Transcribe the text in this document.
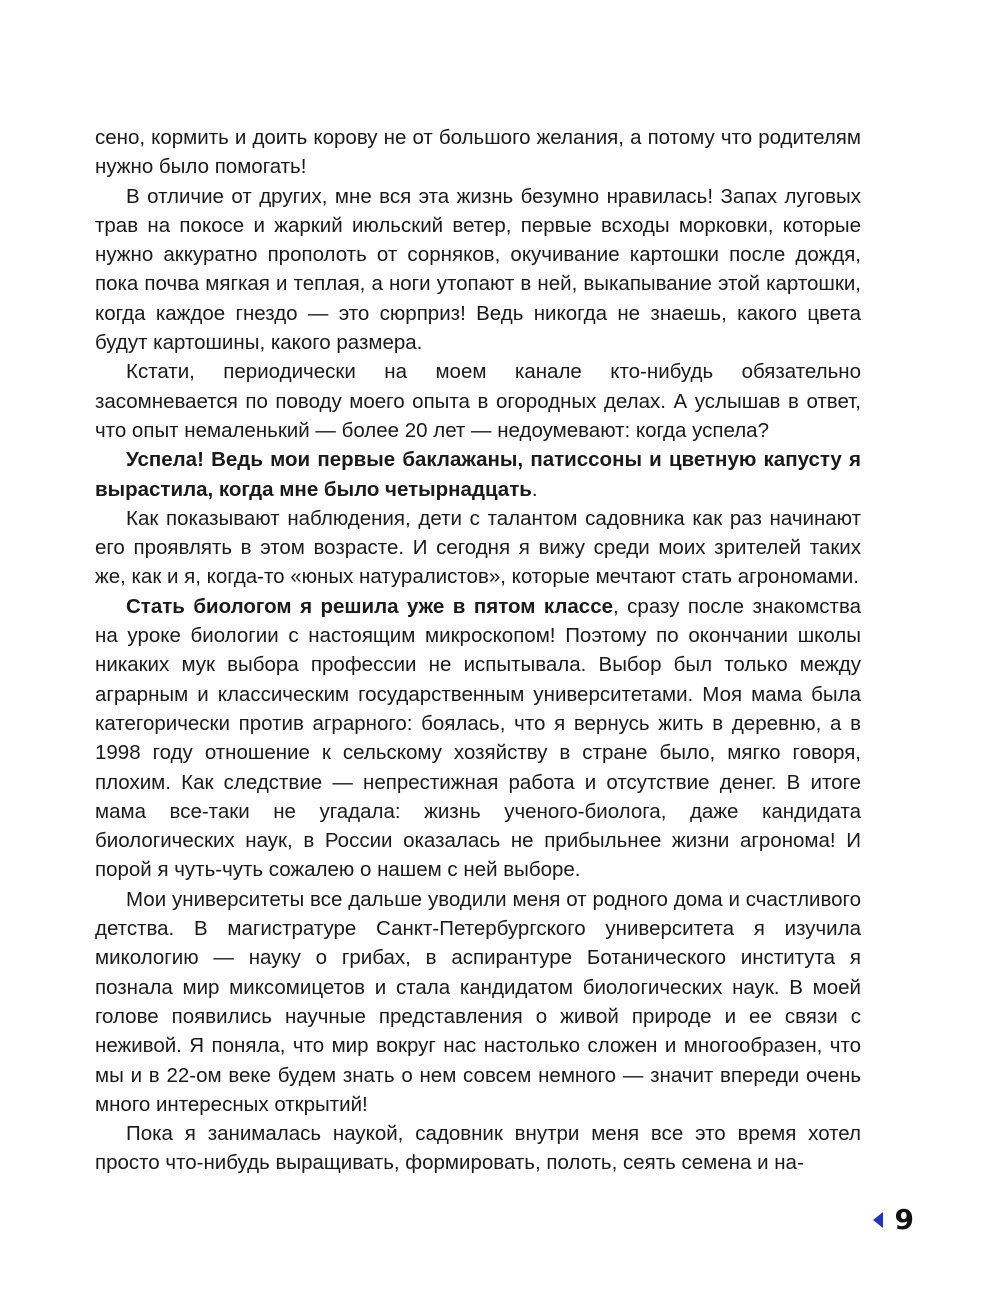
сено, кормить и доить корову не от большого желания, а потому что родителям нужно было помогать!

В отличие от других, мне вся эта жизнь безумно нравилась! Запах луговых трав на покосе и жаркий июльский ветер, первые всходы морковки, которые нужно аккуратно прополоть от сорняков, окучивание картошки после дождя, пока почва мягкая и теплая, а ноги утопают в ней, выкапывание этой картошки, когда каждое гнездо — это сюрприз! Ведь никогда не знаешь, какого цвета будут картошины, какого размера.

Кстати, периодически на моем канале кто-нибудь обязательно засомневается по поводу моего опыта в огородных делах. А услышав в ответ, что опыт немаленький — более 20 лет — недоумевают: когда успела?

Успела! Ведь мои первые баклажаны, патиссоны и цветную капусту я вырастила, когда мне было четырнадцать.

Как показывают наблюдения, дети с талантом садовника как раз начинают его проявлять в этом возрасте. И сегодня я вижу среди моих зрителей таких же, как и я, когда-то «юных натуралистов», которые мечтают стать агрономами.

Стать биологом я решила уже в пятом классе, сразу после знакомства на уроке биологии с настоящим микроскопом! Поэтому по окончании школы никаких мук выбора профессии не испытывала. Выбор был только между аграрным и классическим государственным университетами. Моя мама была категорически против аграрного: боялась, что я вернусь жить в деревню, а в 1998 году отношение к сельскому хозяйству в стране было, мягко говоря, плохим. Как следствие — непрестижная работа и отсутствие денег. В итоге мама все-таки не угадала: жизнь ученого-биолога, даже кандидата биологических наук, в России оказалась не прибыльнее жизни агронома! И порой я чуть-чуть сожалею о нашем с ней выборе.

Мои университеты все дальше уводили меня от родного дома и счастливого детства. В магистратуре Санкт-Петербургского университета я изучила микологию — науку о грибах, в аспирантуре Ботанического института я познала мир миксомицетов и стала кандидатом биологических наук. В моей голове появились научные представления о живой природе и ее связи с неживой. Я поняла, что мир вокруг нас настолько сложен и многообразен, что мы и в 22-ом веке будем знать о нем совсем немного — значит впереди очень много интересных открытий!

Пока я занималась наукой, садовник внутри меня все это время хотел просто что-нибудь выращивать, формировать, полоть, сеять семена и на-

9
